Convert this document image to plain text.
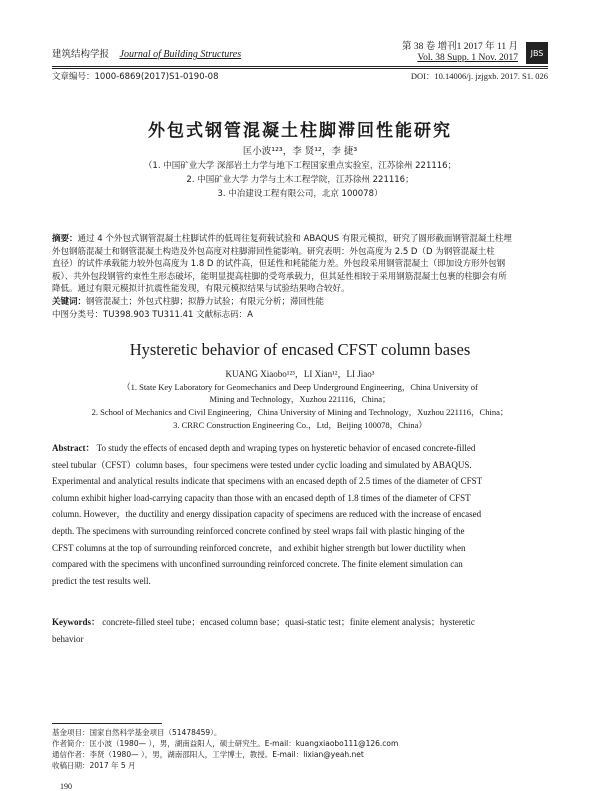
建筑结构学报 Journal of Building Structures
第 38 卷 增刊1 2017 年 11 月
Vol. 38 Supp. 1 Nov. 2017	JBS
文章编号：1000-6869(2017)S1-0190-08	DOI：10.14006/j. jzjgxb. 2017. S1. 026
外包式钢管混凝土柱脚滞回性能研究
匡小波¹²³，李 贤¹²，李 捷³
（1. 中国矿业大学 深部岩土力学与地下工程国家重点实验室，江苏徐州 221116；
2. 中国矿业大学 力学与土木工程学院，江苏徐州 221116；
3. 中冶建设工程有限公司，北京 100078）
摘要：通过 4 个外包式钢管混凝土柱脚试件的低周往复荷载试验和 ABAQUS 有限元模拟，研究了圆形截面钢管混凝土柱埋
外包钢筋混凝土和钢管混凝土构造及外包高度对柱脚滞回性能影响。研究表明：外包高度为 2.5 D（D 为钢管混凝土柱
直径）的试件承载能力较外包高度为 1.8 D 的试件高，但延性和耗能能力差。外包段采用钢管混凝土（即加设方形外包钢
板）、共外包段钢管约束性生形态破坏，能明显提高柱脚的受弯承载力，但其延性相较于采用钢筋混凝土包裹的柱脚会有所
降低。通过有限元模拟计抗震性能发现，有限元模拟结果与试验结果吻合较好。
关键词：钢管混凝土；外包式柱脚；拟静力试验；有限元分析；滞回性能
中图分类号：TU398.903 TU311.41 文献标志码：A
Hysteretic behavior of encased CFST column bases
KUANG Xiaobo¹²³，LI Xian¹²，LI Jiao³
（1. State Key Laboratory for Geomechanics and Deep Underground Engineering，China University of
Mining and Technology，Xuzhou 221116，China；
2. School of Mechanics and Civil Engineering，China University of Mining and Technology，Xuzhou 221116，China；
3. CRRC Construction Engineering Co.，Ltd，Beijing 100078，China）
Abstract： To study the effects of encased depth and wraping types on hysteretic behavior of encased concrete-filled
steel tubular（CFST）column bases，four specimens were tested under cyclic loading and simulated by ABAQUS.
Experimental and analytical results indicate that specimens with an encased depth of 2.5 times of the diameter of CFST
column exhibit higher load-carrying capacity than those with an encased depth of 1.8 times of the diameter of CFST
column. However，the ductility and energy dissipation capacity of specimens are reduced with the increase of encased
depth. The specimens with surrounding reinforced concrete confined by steel wraps fail with plastic hinging of the
CFST columns at the top of surrounding reinforced concrete，and exhibit higher strength but lower ductility when
compared with the specimens with unconfined surrounding reinforced concrete. The finite element simulation can
predict the test results well.
Keywords： concrete-filled steel tube；encased column base；quasi-static test；finite element analysis；hysteretic
behavior
基金项目：国家自然科学基金项目（51478459）。
作者简介：匡小波（1980— ），男，湖南益阳人，硕士研究生。E-mail：kuangxiaobo111@126.com
通信作者：李贤（1980— ），男，湖南邵阳人，工学博士，教授。E-mail：lixian@yeah.net
收稿日期：2017 年 5 月
190
